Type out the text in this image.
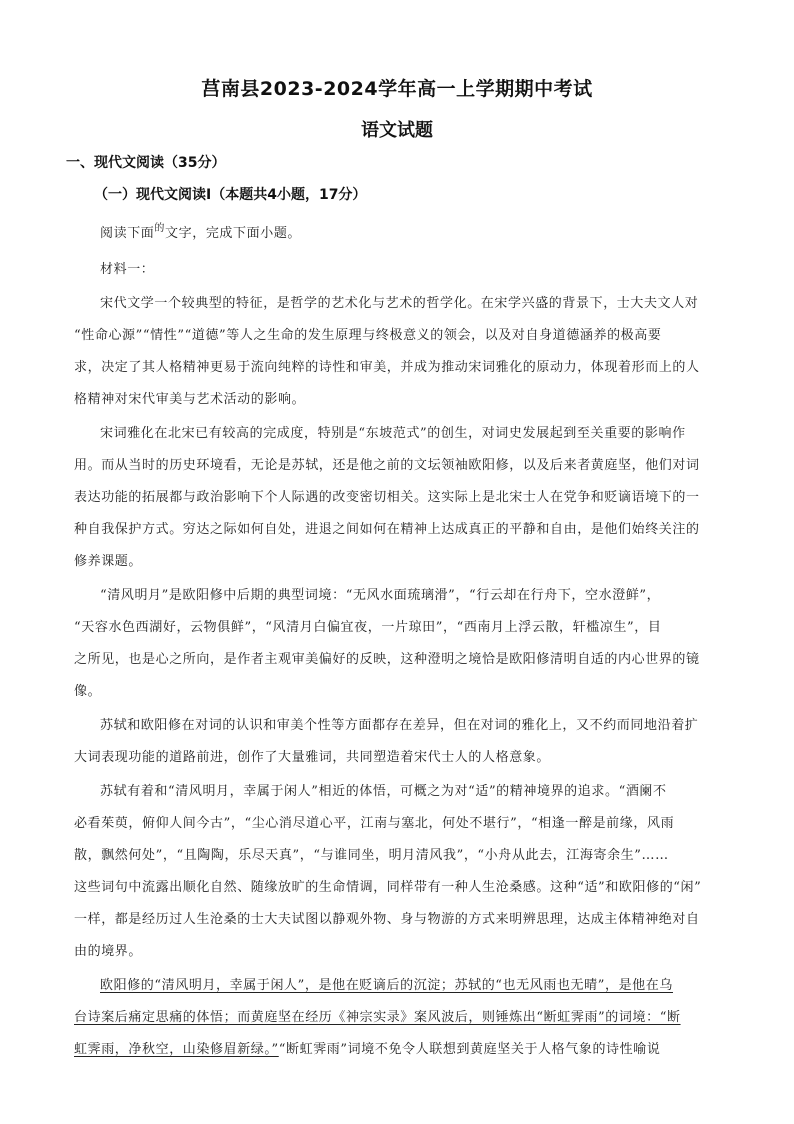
莒南县2023-2024学年高一上学期期中考试
语文试题
一、现代文阅读（35分）
（一）现代文阅读Ⅰ（本题共4小题，17分）
阅读下面$^的$文字，完成下面小题。
材料一：
宋代文学一个较典型的特征，是哲学的艺术化与艺术的哲学化。在宋学兴盛的背景下，士大夫文人对
“性命心源”“情性”“道德”等人之生命的发生原理与终极意义的领会，以及对自身道德涵养的极高要
求，决定了其人格精神更易于流向纯粹的诗性和审美，并成为推动宋词雅化的原动力，体现着形而上的人
格精神对宋代审美与艺术活动的影响。
宋词雅化在北宋已有较高的完成度，特别是“东坡范式”的创生，对词史发展起到至关重要的影响作
用。而从当时的历史环境看，无论是苏轼，还是他之前的文坛领袖欧阳修，以及后来者黄庭坚，他们对词
表达功能的拓展都与政治影响下个人际遇的改变密切相关。这实际上是北宋士人在党争和贬谪语境下的一
种自我保护方式。穷达之际如何自处，进退之间如何在精神上达成真正的平静和自由，是他们始终关注的
修养课题。
“清风明月”是欧阳修中后期的典型词境：“无风水面琉璃滑”，“行云却在行舟下，空水澄鲜”，
“天容水色西湖好，云物俱鲜”，“风清月白偏宜夜，一片琼田”，“西南月上浮云散，轩槛凉生”，目
之所见，也是心之所向，是作者主观审美偏好的反映，这种澄明之境恰是欧阳修清明自适的内心世界的镜
像。
苏轼和欧阳修在对词的认识和审美个性等方面都存在差异，但在对词的雅化上，又不约而同地沿着扩
大词表现功能的道路前进，创作了大量雅词，共同塑造着宋代士人的人格意象。
苏轼有着和“清风明月，幸属于闲人”相近的体悟，可概之为对“适”的精神境界的追求。“酒阑不
必看茱萸，俯仰人间今古”，“尘心消尽道心平，江南与塞北，何处不堪行”，“相逢一醉是前缘，风雨
散，飘然何处”，“且陶陶，乐尽天真”，“与谁同坐，明月清风我”，“小舟从此去，江海寄余生”……
这些词句中流露出顺化自然、随缘放旷的生命情调，同样带有一种人生沧桑感。这种“适”和欧阳修的“闲”
一样，都是经历过人生沧桑的士大夫试图以静观外物、身与物游的方式来明辨思理，达成主体精神绝对自
由的境界。
欧阳修的“清风明月，幸属于闲人”，是他在贬谪后的沉淀；苏轼的“也无风雨也无晴”，是他在乌
台诗案后痛定思痛的体悟；而黄庭坚在经历《神宗实录》案风波后，则锤炼出“断虹霁雨”的词境：“断
虹霁雨，净秋空，山染修眉新绿。”“断虹霁雨”词境不免令人联想到黄庭坚关于人格气象的诗性喻说
